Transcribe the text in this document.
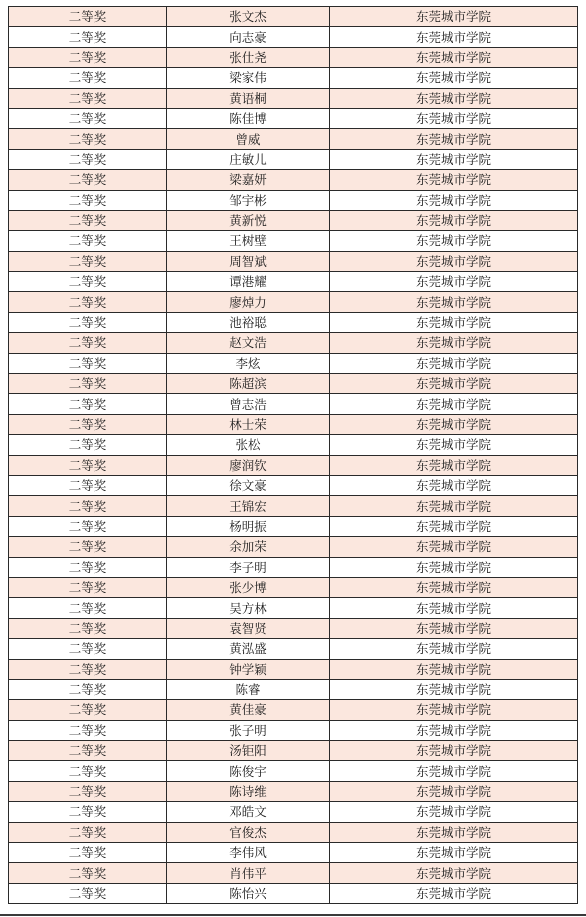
二等奖	张文杰	东莞城市学院
二等奖	向志豪	东莞城市学院
二等奖	张仕尧	东莞城市学院
二等奖	梁家伟	东莞城市学院
二等奖	黄语桐	东莞城市学院
二等奖	陈佳博	东莞城市学院
二等奖	曾威	东莞城市学院
二等奖	庄敏儿	东莞城市学院
二等奖	梁嘉妍	东莞城市学院
二等奖	邹宇彬	东莞城市学院
二等奖	黄新悦	东莞城市学院
二等奖	王树壁	东莞城市学院
二等奖	周智斌	东莞城市学院
二等奖	谭港耀	东莞城市学院
二等奖	廖焯力	东莞城市学院
二等奖	池裕聪	东莞城市学院
二等奖	赵文浩	东莞城市学院
二等奖	李炫	东莞城市学院
二等奖	陈超滨	东莞城市学院
二等奖	曾志浩	东莞城市学院
二等奖	林士荣	东莞城市学院
二等奖	张松	东莞城市学院
二等奖	廖润钦	东莞城市学院
二等奖	徐文豪	东莞城市学院
二等奖	王锦宏	东莞城市学院
二等奖	杨明振	东莞城市学院
二等奖	余加荣	东莞城市学院
二等奖	李子明	东莞城市学院
二等奖	张少博	东莞城市学院
二等奖	吴方林	东莞城市学院
二等奖	袁智贤	东莞城市学院
二等奖	黄泓盛	东莞城市学院
二等奖	钟学颖	东莞城市学院
二等奖	陈睿	东莞城市学院
二等奖	黄佳豪	东莞城市学院
二等奖	张子明	东莞城市学院
二等奖	汤钜阳	东莞城市学院
二等奖	陈俊宇	东莞城市学院
二等奖	陈诗维	东莞城市学院
二等奖	邓皓文	东莞城市学院
二等奖	官俊杰	东莞城市学院
二等奖	李伟风	东莞城市学院
二等奖	肖伟平	东莞城市学院
二等奖	陈怡兴	东莞城市学院
